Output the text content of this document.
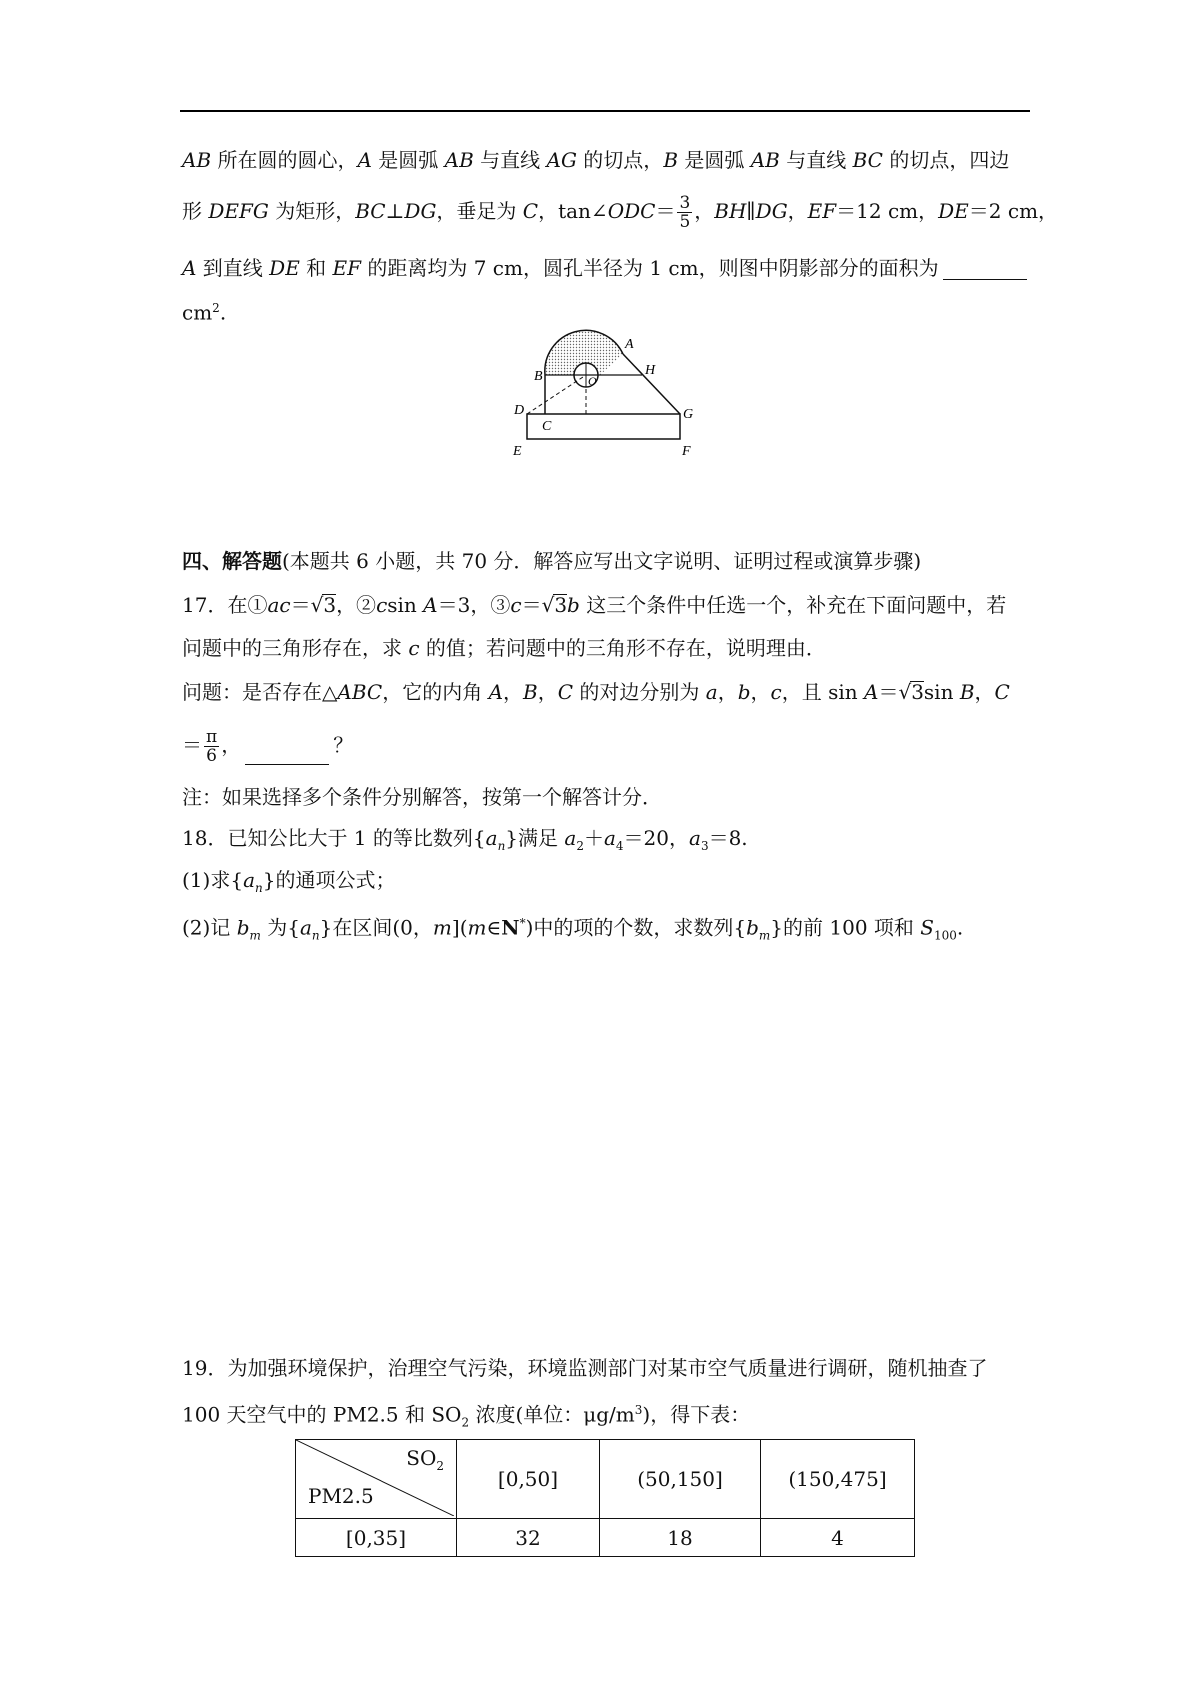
AB 所在圆的圆心，A 是圆弧 AB 与直线 AG 的切点，B 是圆弧 AB 与直线 BC 的切点，四边
形 DEFG 为矩形，BC⊥DG，垂足为 C，tan∠ODC＝ $\frac{3}{5}$ ，BH∥DG，EF＝12 cm，DE＝2 cm，
A 到直线 DE 和 EF 的距离均为 7 cm，圆孔半径为 1 cm，则图中阴影部分的面积为
$cm^2$.
A
B	H
O
D
C
G
E	F
四、解答题(本题共 6 小题，共 70 分．解答应写出文字说明、证明过程或演算步骤)
17．在①ac＝√3，②csin A＝3，③c＝√3b 这三个条件中任选一个，补充在下面问题中，若
问题中的三角形存在，求 c 的值；若问题中的三角形不存在，说明理由．
问题：是否存在△ABC，它的内角 A，B，C 的对边分别为 a，b，c，且 sin A＝√3sin B，C
＝ $\frac{\pi}{6}$ ，	？
注：如果选择多个条件分别解答，按第一个解答计分．
18．已知公比大于 1 的等比数列$\{a_n\}$满足 $a_2+a_4=20$，$a_3=8$.
(1)求$\{a_n\}$的通项公式；
(2)记 $b_m$ 为$\{a_n\}$在区间(0，m](m∈N*)中的项的个数，求数列$\{b_m\}$的前 100 项和 $S_{100}$.
19．为加强环境保护，治理空气污染，环境监测部门对某市空气质量进行调研，随机抽查了
100 天空气中的 PM2.5 和 $SO_2$ 浓度(单位：$\mu g/m^3$)，得下表：
$SO_2$
PM2.5	[0,50]	(50,150]	(150,475]
[0,35]	32	18	4
